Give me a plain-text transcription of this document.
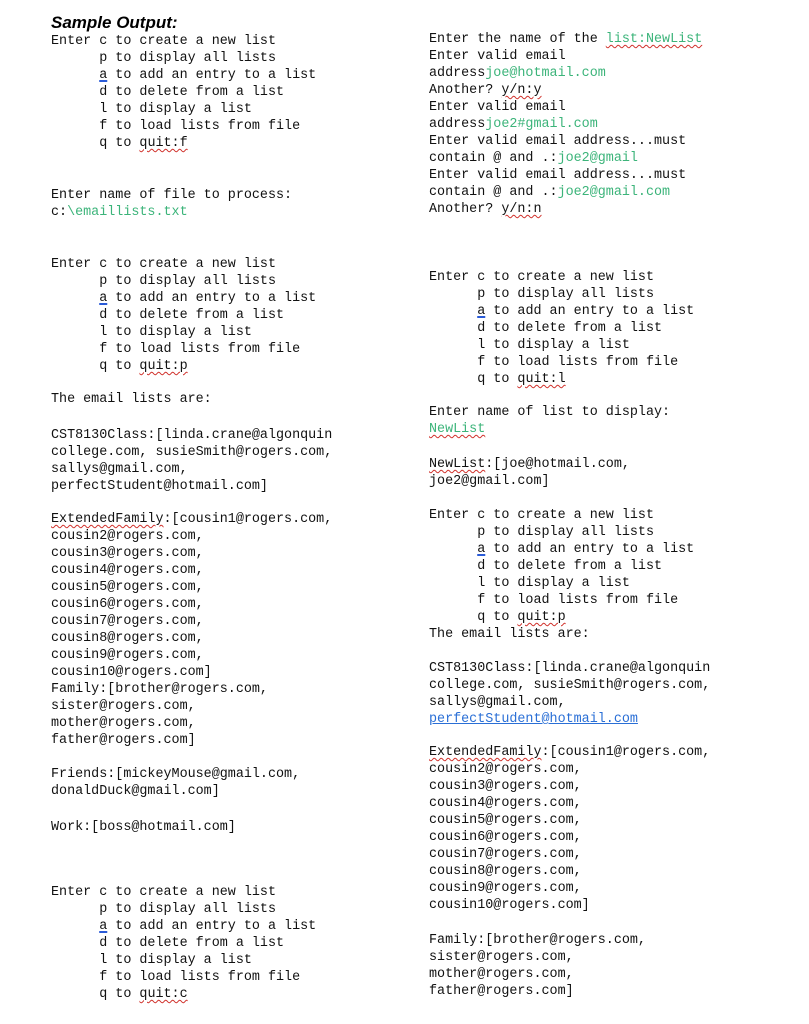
Sample Output:
Enter c to create a new list
p to display all lists
a to add an entry to a list
d to delete from a list
l to display a list
f to load lists from file
q to quit:f
Enter name of file to process:
c:\emaillists.txt
Enter c to create a new list
p to display all lists
a to add an entry to a list
d to delete from a list
l to display a list
f to load lists from file
q to quit:p
The email lists are:
CST8130Class:[linda.crane@algonquin
college.com, susieSmith@rogers.com,
sallys@gmail.com,
perfectStudent@hotmail.com]
ExtendedFamily:[cousin1@rogers.com,
cousin2@rogers.com,
cousin3@rogers.com,
cousin4@rogers.com,
cousin5@rogers.com,
cousin6@rogers.com,
cousin7@rogers.com,
cousin8@rogers.com,
cousin9@rogers.com,
cousin10@rogers.com]
Family:[brother@rogers.com,
sister@rogers.com,
mother@rogers.com,
father@rogers.com]
Friends:[mickeyMouse@gmail.com,
donaldDuck@gmail.com]
Work:[boss@hotmail.com]
Enter c to create a new list
p to display all lists
a to add an entry to a list
d to delete from a list
l to display a list
f to load lists from file
q to quit:c
Enter the name of the list:NewList
Enter valid email
addressjoe@hotmail.com
Another? y/n:y
Enter valid email
addressjoe2#gmail.com
Enter valid email address...must
contain @ and .:joe2@gmail
Enter valid email address...must
contain @ and .:joe2@gmail.com
Another? y/n:n
Enter c to create a new list
p to display all lists
a to add an entry to a list
d to delete from a list
l to display a list
f to load lists from file
q to quit:l
Enter name of list to display:
NewList
NewList:[joe@hotmail.com,
joe2@gmail.com]
Enter c to create a new list
p to display all lists
a to add an entry to a list
d to delete from a list
l to display a list
f to load lists from file
q to quit:p
The email lists are:
CST8130Class:[linda.crane@algonquin
college.com, susieSmith@rogers.com,
sallys@gmail.com,
perfectStudent@hotmail.com
ExtendedFamily:[cousin1@rogers.com,
cousin2@rogers.com,
cousin3@rogers.com,
cousin4@rogers.com,
cousin5@rogers.com,
cousin6@rogers.com,
cousin7@rogers.com,
cousin8@rogers.com,
cousin9@rogers.com,
cousin10@rogers.com]
Family:[brother@rogers.com,
sister@rogers.com,
mother@rogers.com,
father@rogers.com]
